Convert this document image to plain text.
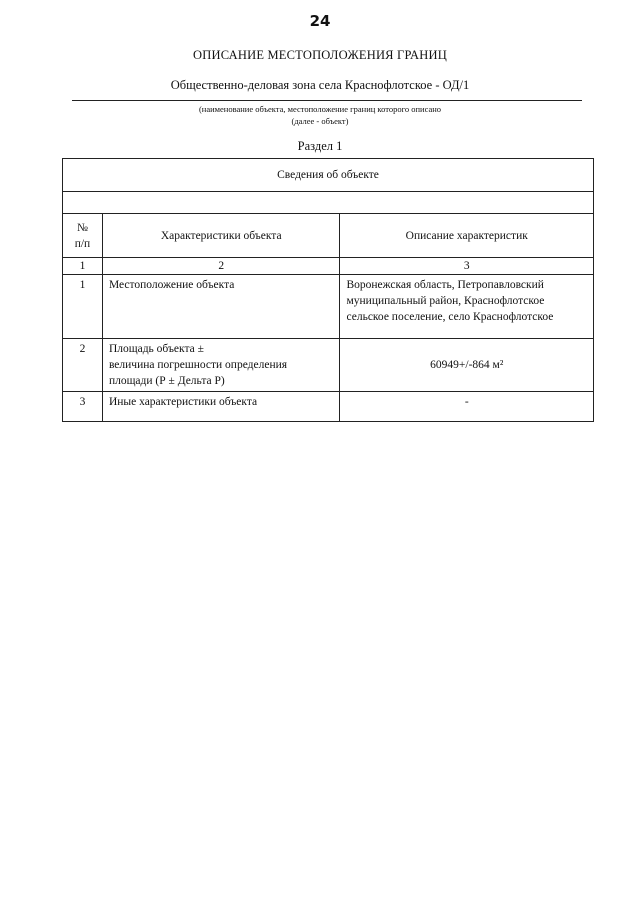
24
ОПИСАНИЕ МЕСТОПОЛОЖЕНИЯ ГРАНИЦ
Общественно-деловая зона села Краснофлотское - ОД/1
(наименование объекта, местоположение границ которого описано
(далее - объект)
Раздел 1
Сведения об объекте		

№
п/п	Характеристики объекта	Описание характеристик
1	2	3
1	Местоположение объекта	Воронежская область, Петропавловский
муниципальный район, Краснофлотское
сельское поселение, село Краснофлотское

2	Площадь объекта ±
величина погрешности определения
площади (Р ± Дельта Р)	60949+/-864 м²
3	Иные характеристики объекта	-
